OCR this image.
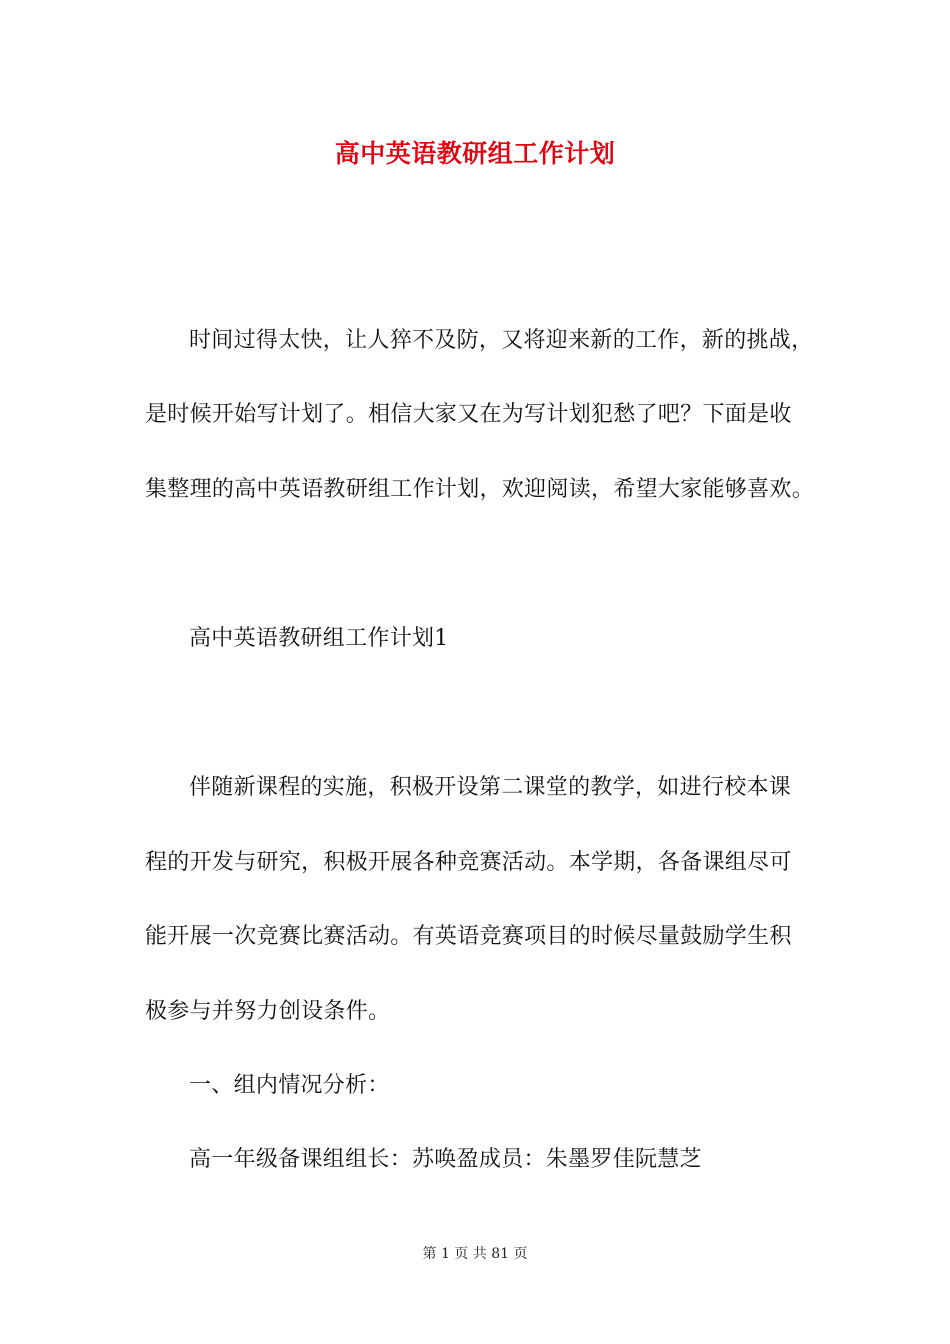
高中英语教研组工作计划
时间过得太快，让人猝不及防，又将迎来新的工作，新的挑战，
是时候开始写计划了。相信大家又在为写计划犯愁了吧？下面是收
集整理的高中英语教研组工作计划，欢迎阅读，希望大家能够喜欢。
高中英语教研组工作计划1
伴随新课程的实施，积极开设第二课堂的教学，如进行校本课
程的开发与研究，积极开展各种竞赛活动。本学期，各备课组尽可
能开展一次竞赛比赛活动。有英语竞赛项目的时候尽量鼓励学生积
极参与并努力创设条件。
一、组内情况分析：
高一年级备课组组长：苏唤盈成员：朱墨罗佳阮慧芝
第 1 页 共 81 页
